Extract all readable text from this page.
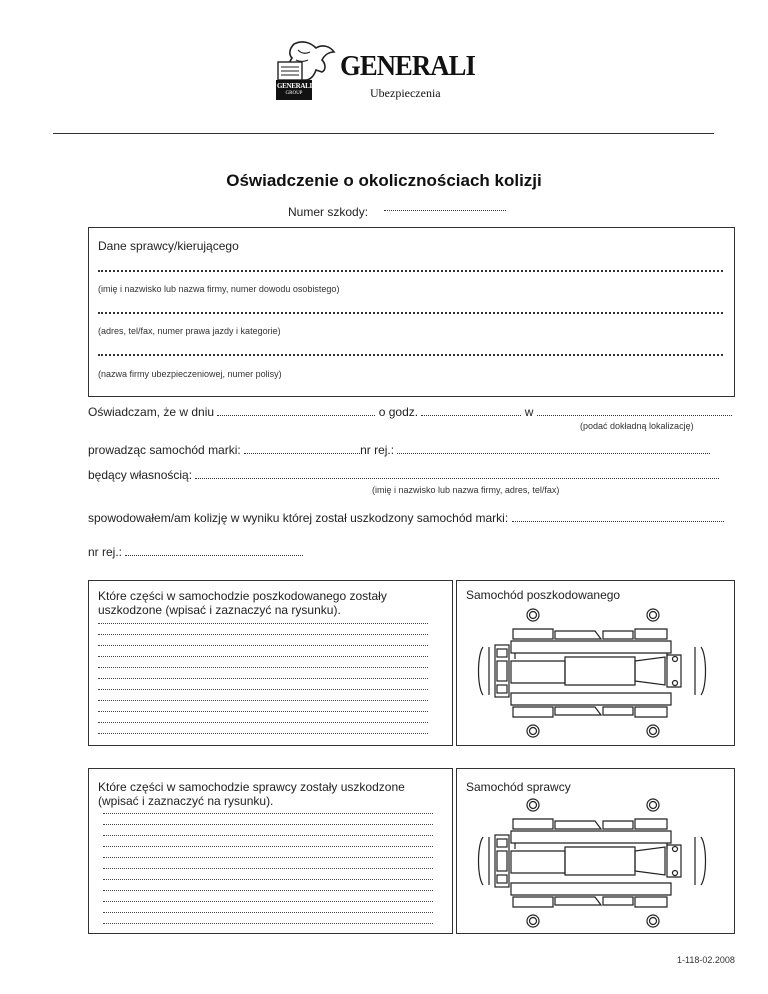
GENERALI
GROUP
GENERALI
Ubezpieczenia
Oświadczenie o okolicznościach kolizji
Numer szkody:
Dane sprawcy/kierującego
(imię i nazwisko lub nazwa firmy, numer dowodu osobistego)
(adres, tel/fax, numer prawa jazdy i kategorie)
(nazwa firmy ubezpieczeniowej, numer polisy)
Oświadczam, że w dniu	o godz.	w
(podać dokładną lokalizację)
prowadząc samochód marki:	nr rej.:
będący własnością:
(imię i nazwisko lub nazwa firmy, adres, tel/fax)
spowodowałem/am kolizję w wyniku której został uszkodzony samochód marki:
nr rej.:
Które części w samochodzie poszkodowanego zostały uszkodzone (wpisać i zaznaczyć na rysunku).
Samochód poszkodowanego
Które części w samochodzie sprawcy zostały uszkodzone (wpisać i zaznaczyć na rysunku).
Samochód sprawcy
1-118-02.2008
